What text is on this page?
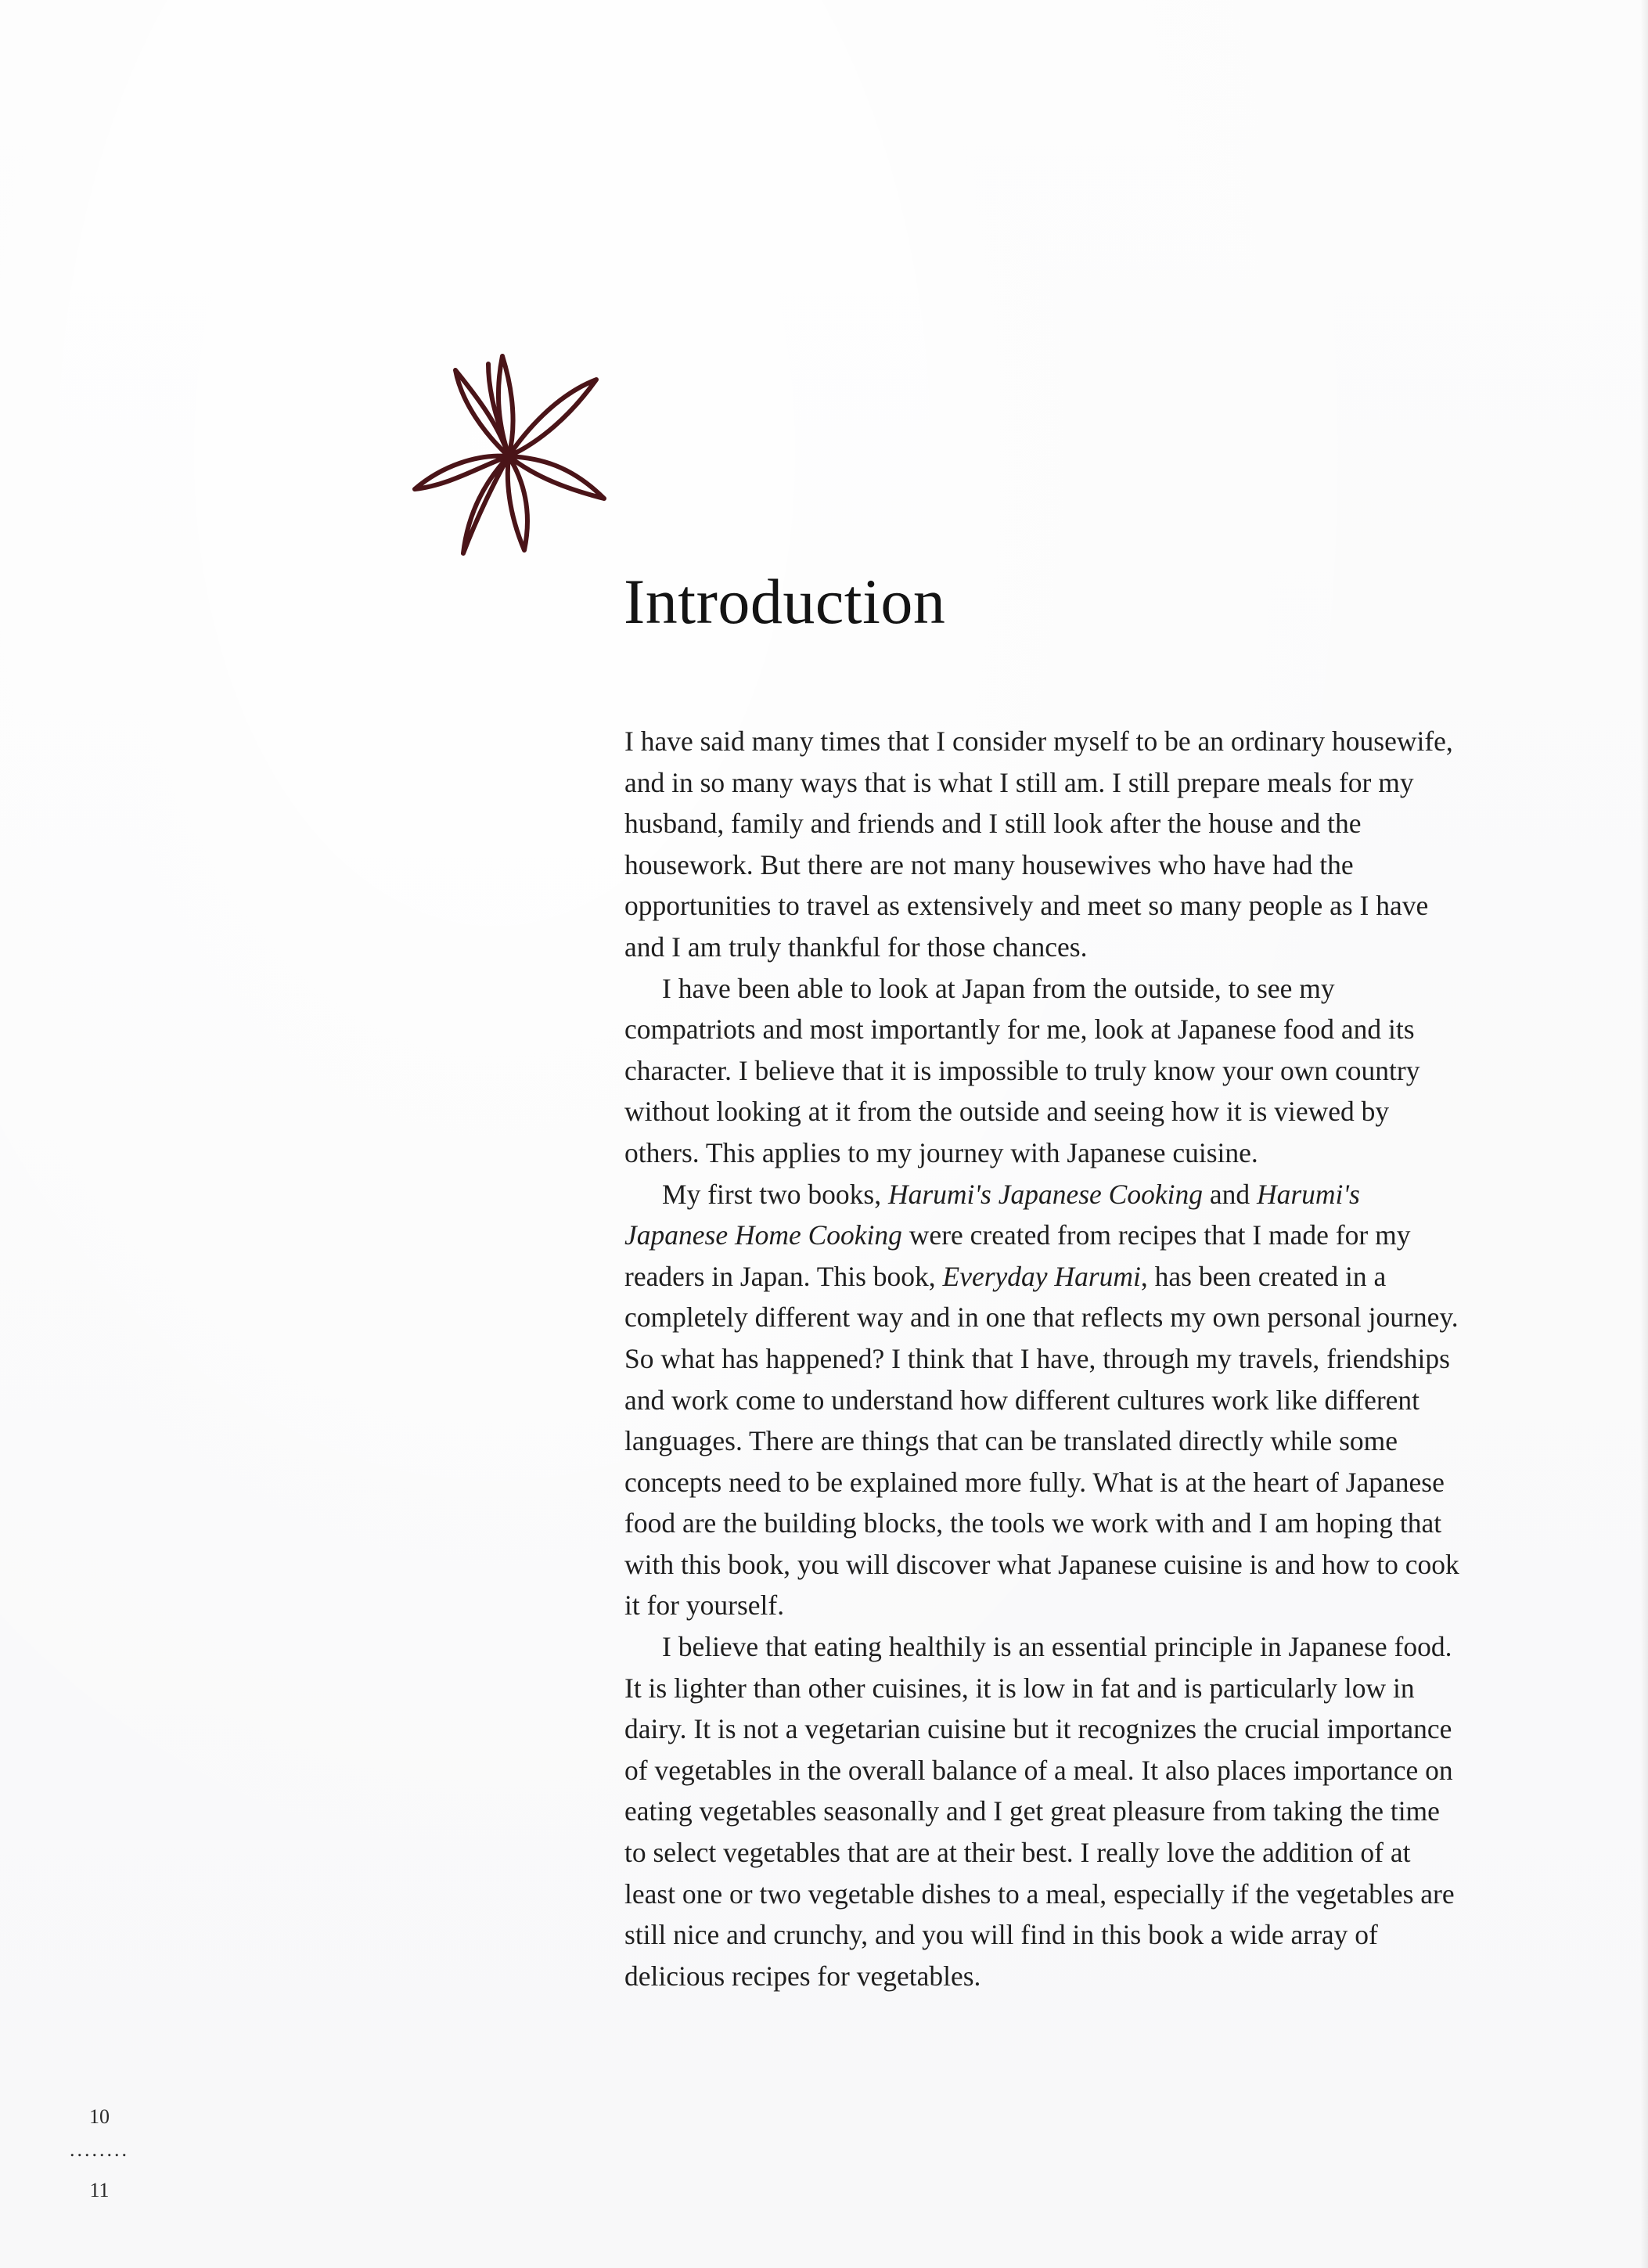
Introduction

I have said many times that I consider myself to be an ordinary housewife, and in so many ways that is what I still am. I still prepare meals for my husband, family and friends and I still look after the house and the housework. But there are not many housewives who have had the opportunities to travel as extensively and meet so many people as I have and I am truly thankful for those chances.

I have been able to look at Japan from the outside, to see my compatriots and most importantly for me, look at Japanese food and its character. I believe that it is impossible to truly know your own country without looking at it from the outside and seeing how it is viewed by others. This applies to my journey with Japanese cuisine.

My first two books, Harumi's Japanese Cooking and Harumi's Japanese Home Cooking were created from recipes that I made for my readers in Japan. This book, Everyday Harumi, has been created in a completely different way and in one that reflects my own personal journey. So what has happened? I think that I have, through my travels, friendships and work come to understand how different cultures work like different languages. There are things that can be translated directly while some concepts need to be explained more fully. What is at the heart of Japanese food are the building blocks, the tools we work with and I am hoping that with this book, you will discover what Japanese cuisine is and how to cook it for yourself.

I believe that eating healthily is an essential principle in Japanese food. It is lighter than other cuisines, it is low in fat and is particularly low in dairy. It is not a vegetarian cuisine but it recognizes the crucial importance of vegetables in the overall balance of a meal. It also places importance on eating vegetables seasonally and I get great pleasure from taking the time to select vegetables that are at their best. I really love the addition of at least one or two vegetable dishes to a meal, especially if the vegetables are still nice and crunchy, and you will find in this book a wide array of delicious recipes for vegetables.

10
........
11
